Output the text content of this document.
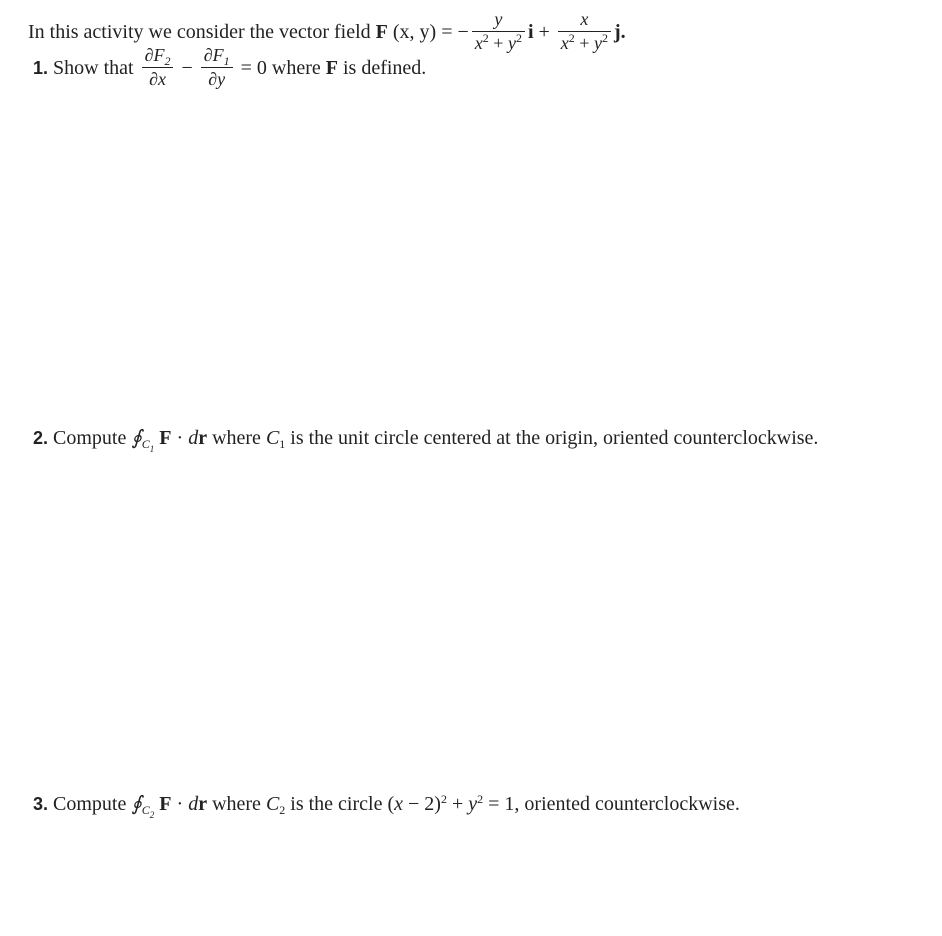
In this activity we consider the vector field F (x, y) = − $\frac{y}{x^2 + y^2}$ $i + \frac{x}{x^2 + y^2} j$.
1. Show that $\frac{\partial F_2}{\partial x} - \frac{\partial F_1}{\partial y} = 0$ where F is defined.
2. Compute $∮_{C_1}$ F · dr where $C_1$ is the unit circle centered at the origin, oriented counterclockwise.
3. Compute $∮_{C_2}$ F · dr where $C_2$ is the circle $(x - 2)^2 + y^2 = 1$, oriented counterclockwise.
